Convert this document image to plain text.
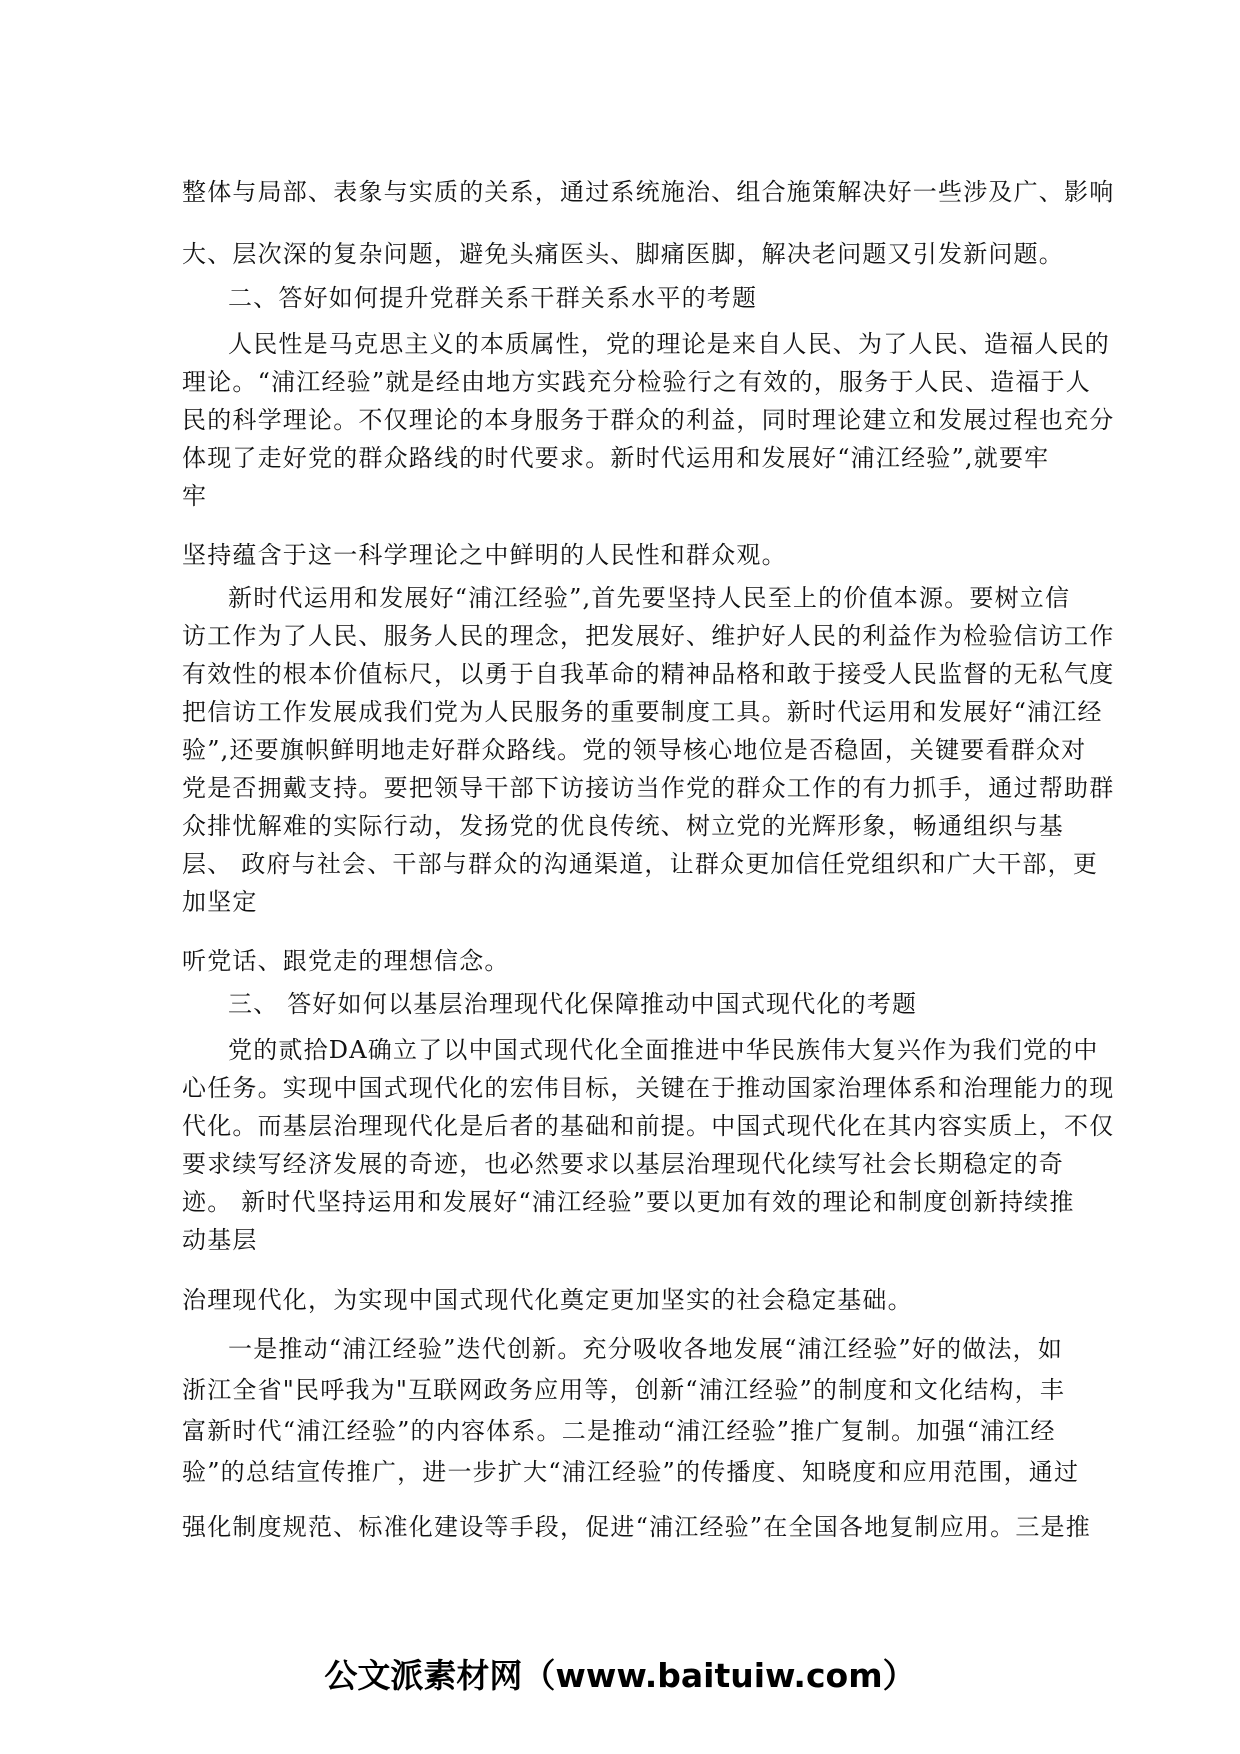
整体与局部、表象与实质的关系，通过系统施治、组合施策解决好一些涉及广、影响

大、层次深的复杂问题，避免头痛医头、脚痛医脚，解决老问题又引发新问题。

二、答好如何提升党群关系干群关系水平的考题

人民性是马克思主义的本质属性，党的理论是来自人民、为了人民、造福人民的

理论。“浦江经验”就是经由地方实践充分检验行之有效的，服务于人民、造福于人

民的科学理论。不仅理论的本身服务于群众的利益，同时理论建立和发展过程也充分

体现了走好党的群众路线的时代要求。新时代运用和发展好“浦江经验”,就要牢

牢

坚持蕴含于这一科学理论之中鲜明的人民性和群众观。

新时代运用和发展好“浦江经验”,首先要坚持人民至上的价值本源。要树立信

访工作为了人民、服务人民的理念，把发展好、维护好人民的利益作为检验信访工作

有效性的根本价值标尺，以勇于自我革命的精神品格和敢于接受人民监督的无私气度

把信访工作发展成我们党为人民服务的重要制度工具。新时代运用和发展好“浦江经

验”,还要旗帜鲜明地走好群众路线。党的领导核心地位是否稳固，关键要看群众对

党是否拥戴支持。要把领导干部下访接访当作党的群众工作的有力抓手，通过帮助群

众排忧解难的实际行动，发扬党的优良传统、树立党的光辉形象，畅通组织与基

层、 政府与社会、干部与群众的沟通渠道，让群众更加信任党组织和广大干部，更

加坚定

听党话、跟党走的理想信念。

三、 答好如何以基层治理现代化保障推动中国式现代化的考题

党的贰拾DA确立了以中国式现代化全面推进中华民族伟大复兴作为我们党的中

心任务。实现中国式现代化的宏伟目标，关键在于推动国家治理体系和治理能力的现

代化。而基层治理现代化是后者的基础和前提。中国式现代化在其内容实质上，不仅

要求续写经济发展的奇迹，也必然要求以基层治理现代化续写社会长期稳定的奇

迹。 新时代坚持运用和发展好“浦江经验”要以更加有效的理论和制度创新持续推

动基层

治理现代化，为实现中国式现代化奠定更加坚实的社会稳定基础。

一是推动“浦江经验”迭代创新。充分吸收各地发展“浦江经验”好的做法，如

浙江全省"民呼我为"互联网政务应用等，创新“浦江经验”的制度和文化结构，丰

富新时代“浦江经验”的内容体系。二是推动“浦江经验”推广复制。加强“浦江经

验”的总结宣传推广，进一步扩大“浦江经验”的传播度、知晓度和应用范围，通过

强化制度规范、标准化建设等手段，促进“浦江经验”在全国各地复制应用。三是推

公文派素材网（www.baituiw.com）
